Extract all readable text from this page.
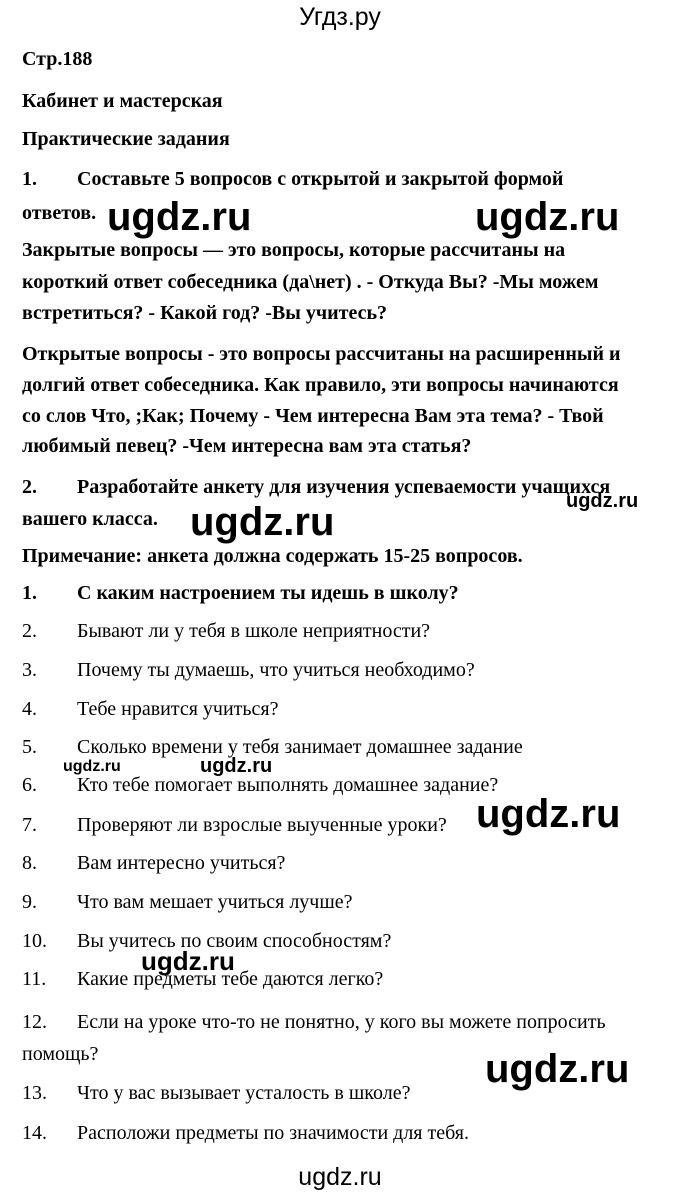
Угдз.ру
Стр.188
Кабинет и мастерская
Практические задания
1. Составьте 5 вопросов с открытой и закрытой формой
ответов.
Закрытые вопросы — это вопросы, которые рассчитаны на
короткий ответ собеседника (да\нет) . - Откуда Вы? -Мы можем
встретиться? - Какой год? -Вы учитесь?
Открытые вопросы - это вопросы рассчитаны на расширенный и
долгий ответ собеседника. Как правило, эти вопросы начинаются
со слов Что, ;Как; Почему - Чем интересна Вам эта тема? - Твой
любимый певец? -Чем интересна вам эта статья?
2. Разработайте анкету для изучения успеваемости учащихся
вашего класса.
Примечание: анкета должна содержать 15-25 вопросов.
1. С каким настроением ты идешь в школу?
2. Бывают ли у тебя в школе неприятности?
3. Почему ты думаешь, что учиться необходимо?
4. Тебе нравится учиться?
5. Сколько времени у тебя занимает домашнее задание
6. Кто тебе помогает выполнять домашнее задание?
7. Проверяют ли взрослые выученные уроки?
8. Вам интересно учиться?
9. Что вам мешает учиться лучше?
10. Вы учитесь по своим способностям?
11. Какие предметы тебе даются легко?
12. Если на уроке что-то не понятно, у кого вы можете попросить
помощь?
13. Что у вас вызывает усталость в школе?
14. Расположи предметы по значимости для тебя.
ugdz.ru	ugdz.ru
ugdz.ru
ugdz.ru
ugdz.ru	ugdz.ru
ugdz.ru
ugdz.ru
ugdz.ru
ugdz.ru
